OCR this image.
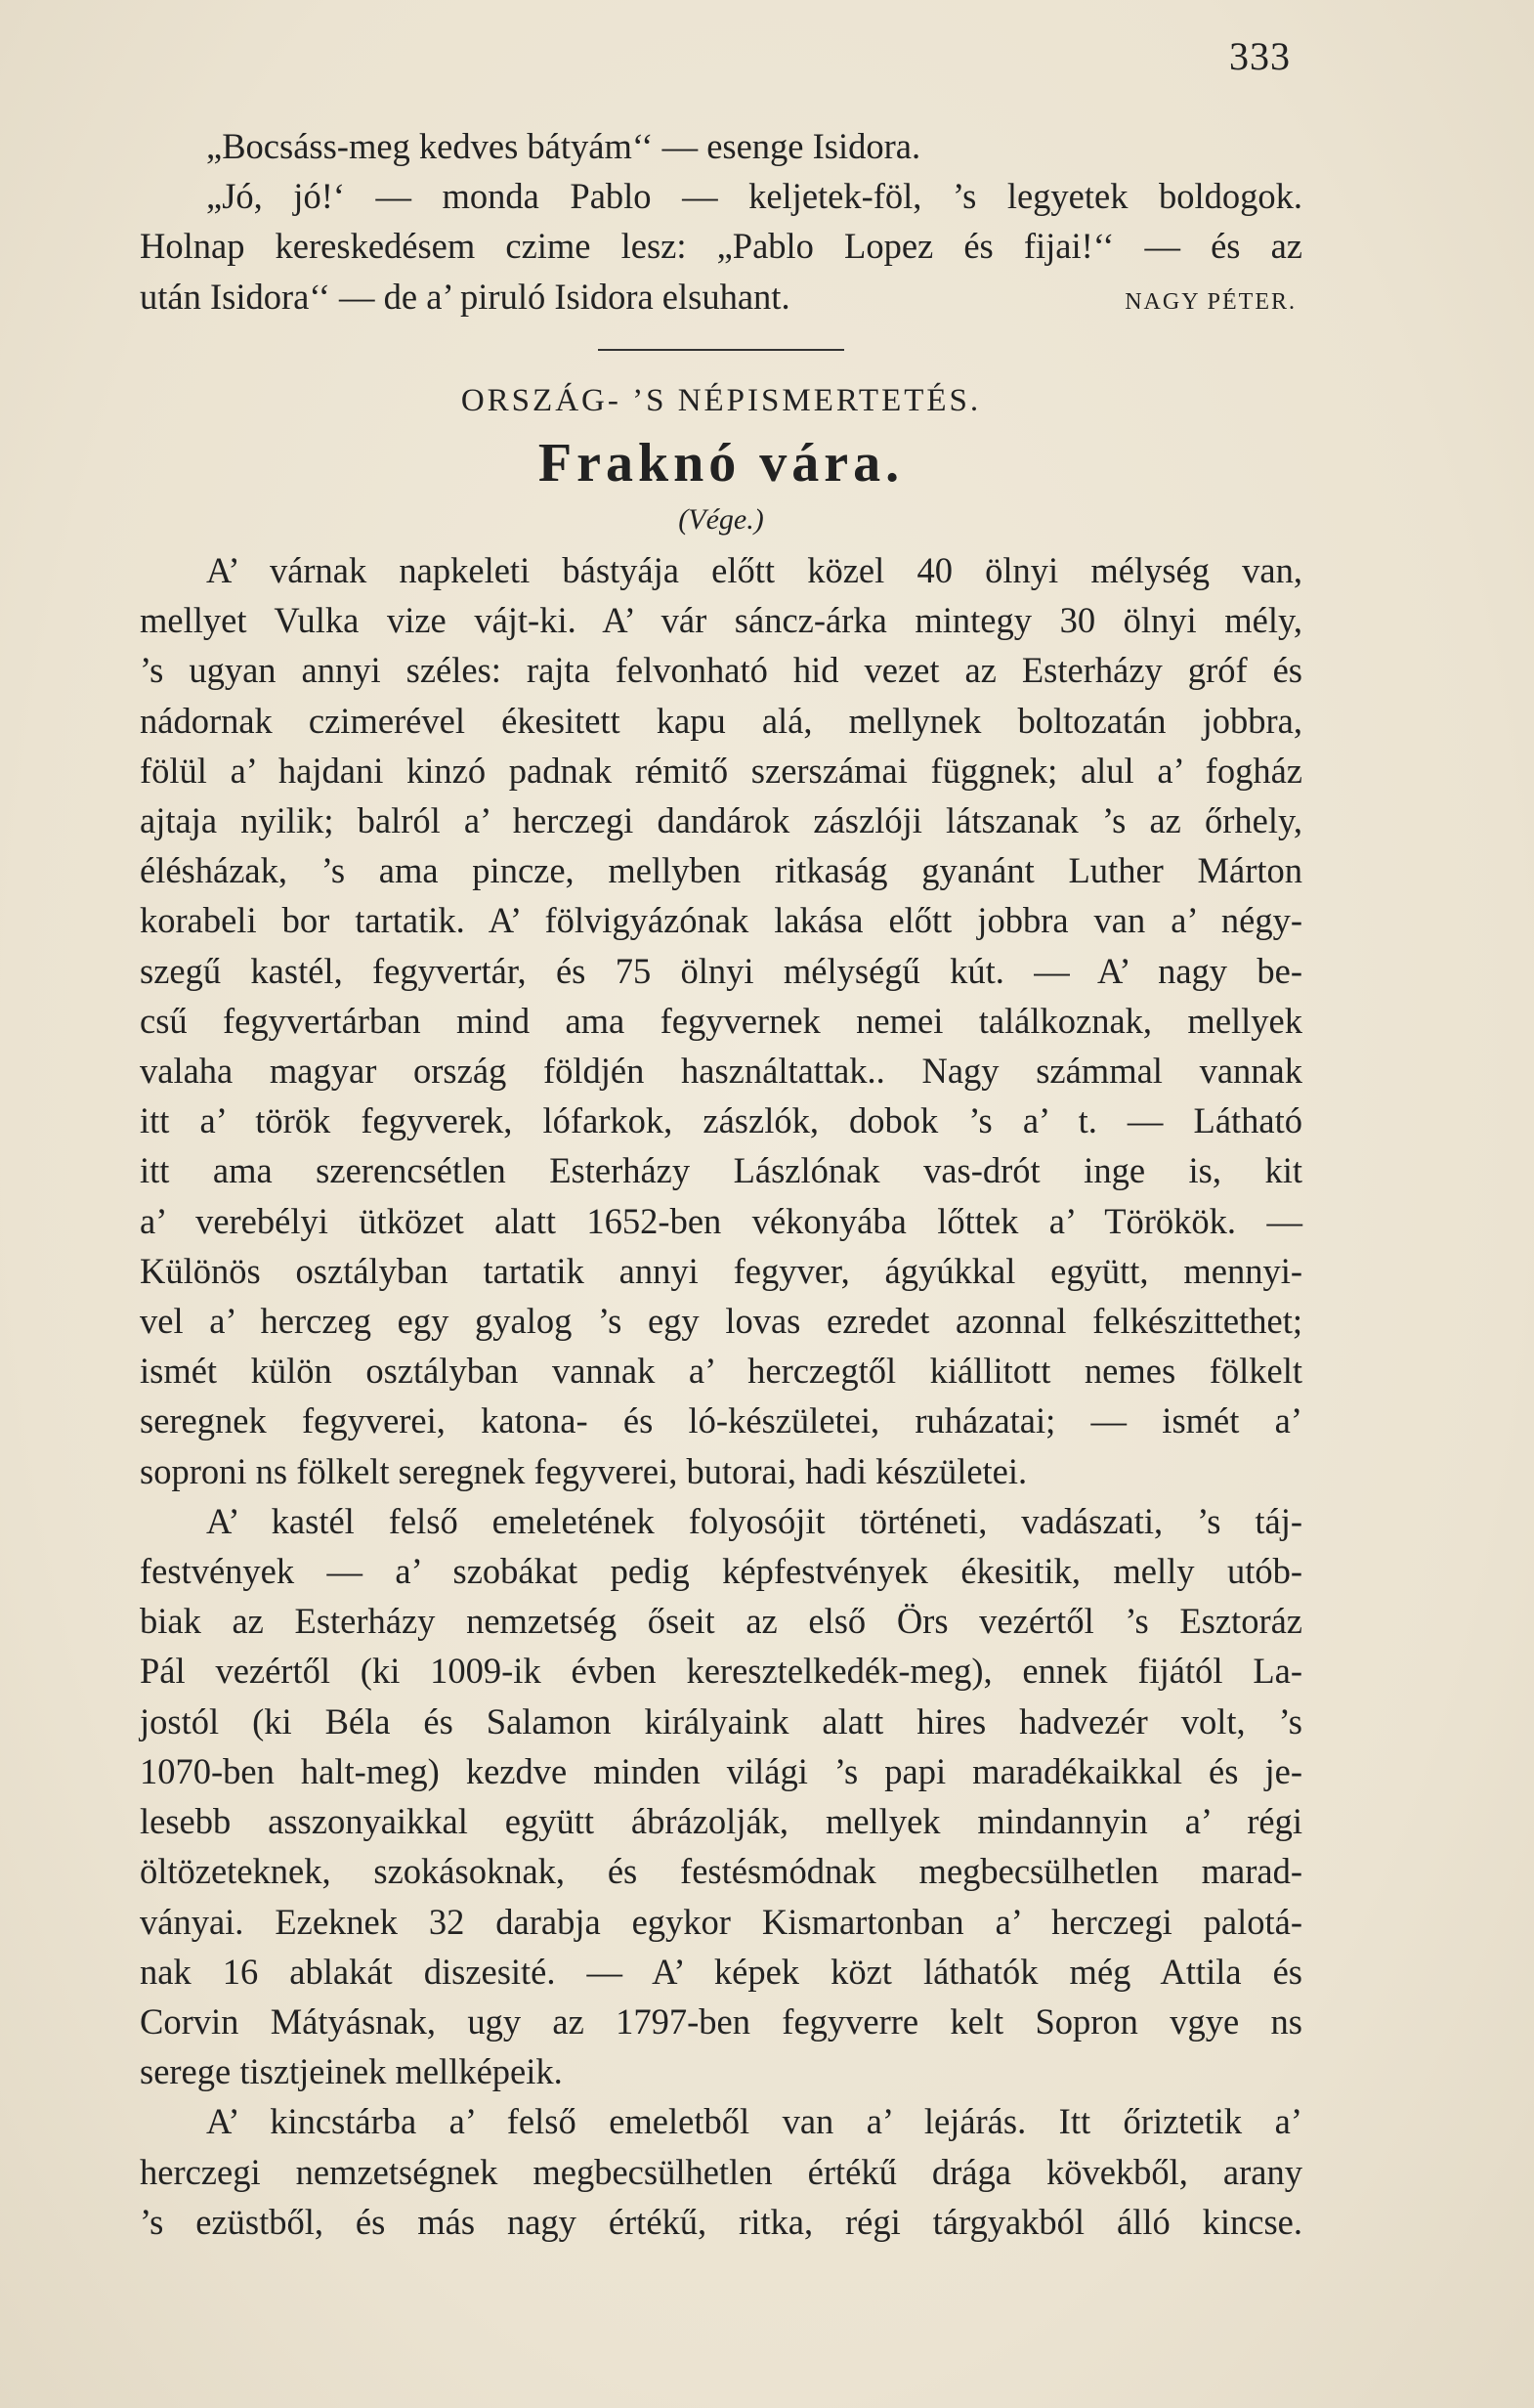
333
„Bocsáss-meg kedves bátyám‘‘ — esenge Isidora.
„Jó, jó!‘ — monda Pablo — keljetek-föl, ’s legyetek boldogok.
Holnap kereskedésem czime lesz: „Pablo Lopez és fijai!‘‘ — és az
után Isidora‘‘ — de a’ piruló Isidora elsuhant.	NAGY PÉTER.
ORSZÁG- ’S NÉPISMERTETÉS.
Fraknó vára.
(Vége.)
A’ várnak napkeleti bástyája előtt közel 40 ölnyi mélység van,
mellyet Vulka vize vájt-ki. A’ vár sáncz-árka mintegy 30 ölnyi mély,
’s ugyan annyi széles: rajta felvonható hid vezet az Esterházy gróf és
nádornak czimerével ékesitett kapu alá, mellynek boltozatán jobbra,
fölül a’ hajdani kinzó padnak rémitő szerszámai függnek; alul a’ fogház
ajtaja nyilik; balról a’ herczegi dandárok zászlóji látszanak ’s az őrhely,
élésházak, ’s ama pincze, mellyben ritkaság gyanánt Luther Márton
korabeli bor tartatik. A’ fölvigyázónak lakása előtt jobbra van a’ négy-
szegű kastél, fegyvertár, és 75 ölnyi mélységű kút. — A’ nagy be-
csű fegyvertárban mind ama fegyvernek nemei találkoznak, mellyek
valaha magyar ország földjén használtattak.. Nagy számmal vannak
itt a’ török fegyverek, lófarkok, zászlók, dobok ’s a’ t. — Látható
itt ama szerencsétlen Esterházy Lászlónak vas-drót inge is, kit
a’ verebélyi ütközet alatt 1652-ben vékonyába lőttek a’ Törökök. —
Különös osztályban tartatik annyi fegyver, ágyúkkal együtt, mennyi-
vel a’ herczeg egy gyalog ’s egy lovas ezredet azonnal felkészittethet;
ismét külön osztályban vannak a’ herczegtől kiállitott nemes fölkelt
seregnek fegyverei, katona- és ló-készületei, ruházatai; — ismét a’
soproni ns fölkelt seregnek fegyverei, butorai, hadi készületei.
A’ kastél felső emeletének folyosójit történeti, vadászati, ’s táj-
festvények — a’ szobákat pedig képfestvények ékesitik, melly utób-
biak az Esterházy nemzetség őseit az első Örs vezértől ’s Esztoráz
Pál vezértől (ki 1009-ik évben keresztelkedék-meg), ennek fijától La-
jostól (ki Béla és Salamon királyaink alatt hires hadvezér volt, ’s
1070-ben halt-meg) kezdve minden világi ’s papi maradékaikkal és je-
lesebb asszonyaikkal együtt ábrázolják, mellyek mindannyin a’ régi
öltözeteknek, szokásoknak, és festésmódnak megbecsülhetlen marad-
ványai. Ezeknek 32 darabja egykor Kismartonban a’ herczegi palotá-
nak 16 ablakát diszesité. — A’ képek közt láthatók még Attila és
Corvin Mátyásnak, ugy az 1797-ben fegyverre kelt Sopron vgye ns
serege tisztjeinek mellképeik.
A’ kincstárba a’ felső emeletből van a’ lejárás. Itt őriztetik a’
herczegi nemzetségnek megbecsülhetlen értékű drága kövekből, arany
’s ezüstből, és más nagy értékű, ritka, régi tárgyakból álló kincse.
